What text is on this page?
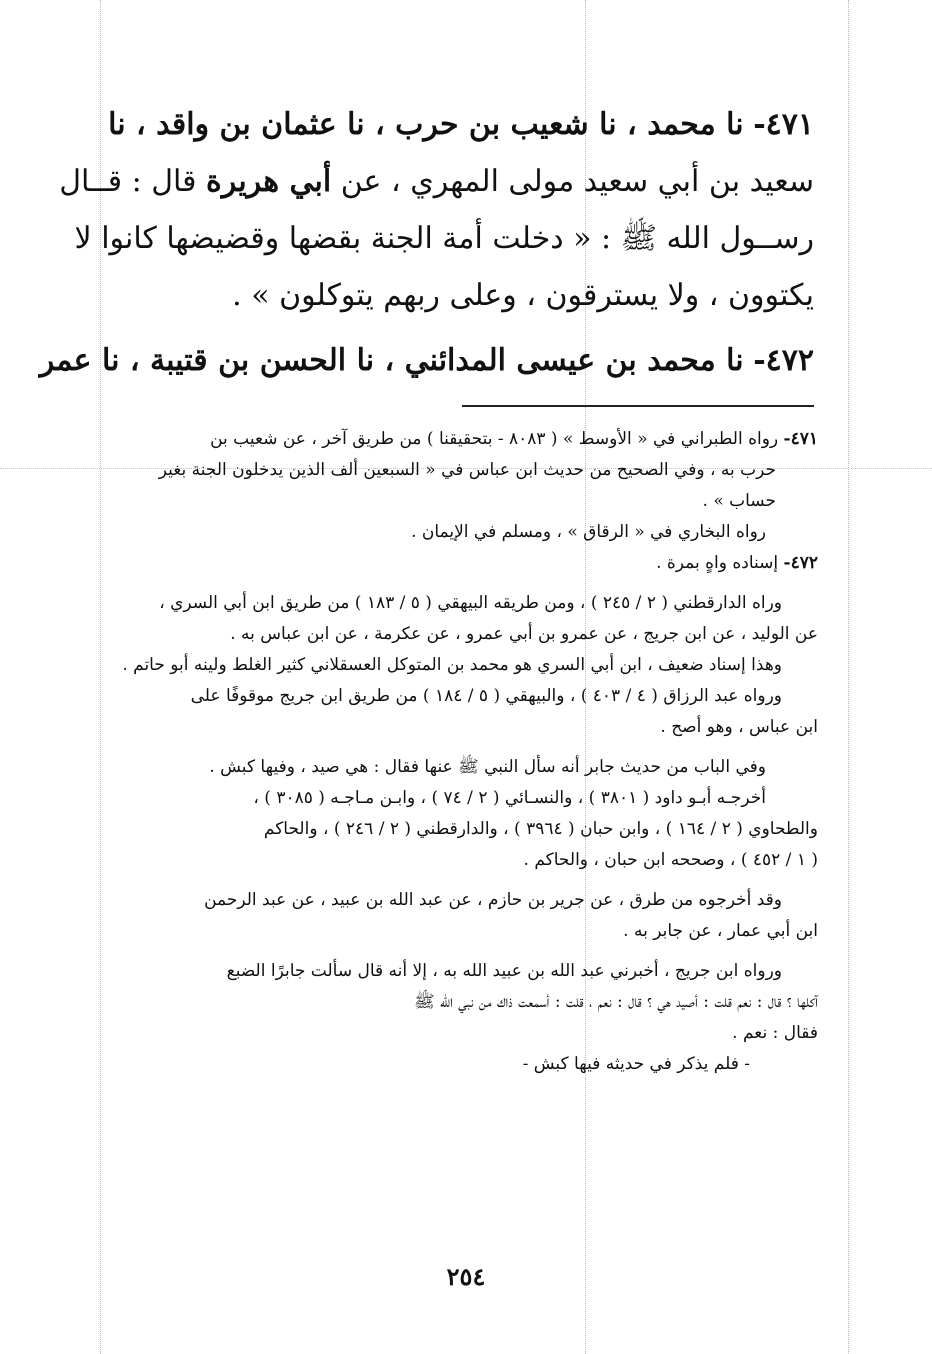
٤٧١- نا محمد ، نا شعيب بن حرب ، نا عثمان بن واقد ، نا

سعيد بن أبي سعيد مولى المهري ، عن أبي هريرة قال : قــال

رســول الله ﷺ : « دخلت أمة الجنة بقضها وقضيضها كانوا لا

يكتوون ، ولا يسترقون ، وعلى ربهم يتوكلون » .

٤٧٢- نا محمد بن عيسى المدائني ، نا الحسن بن قتيبة ، نا عمر

٤٧١- رواه الطبراني في « الأوسط » ( ٨٠٨٣ - بتحقيقنا ) من طريق آخر ، عن شعيب بن
حرب به ، وفي الصحيح من حديث ابن عباس في « السبعين ألف الذين يدخلون الجنة بغير
حساب » .
رواه البخاري في « الرقاق » ، ومسلم في الإيمان .
٤٧٢- إسناده واهٍ بمرة .
وراه الدارقطني ( ٢ / ٢٤٥ ) ، ومن طريقه البيهقي ( ٥ / ١٨٣ ) من طريق ابن أبي السري ،
عن الوليد ، عن ابن جريج ، عن عمرو بن أبي عمرو ، عن عكرمة ، عن ابن عباس به .
وهذا إسناد ضعيف ، ابن أبي السري هو محمد بن المتوكل العسقلاني كثير الغلط ولينه أبو حاتم .
ورواه عبد الرزاق ( ٤ / ٤٠٣ ) ، والبيهقي ( ٥ / ١٨٤ ) من طريق ابن جريج موقوفًا على
ابن عباس ، وهو أصح .
وفي الباب من حديث جابر أنه سأل النبي ﷺ عنها فقال : هي صيد ، وفيها كبش .
أخرجـه أبـو داود ( ٣٨٠١ ) ، والنسـائي ( ٢ / ٧٤ ) ، وابـن مـاجـه ( ٣٠٨٥ ) ،
والطحاوي ( ٢ / ١٦٤ ) ، وابن حبان ( ٣٩٦٤ ) ، والدارقطني ( ٢ / ٢٤٦ ) ، والحاكم
( ١ / ٤٥٢ ) ، وصححه ابن حبان ، والحاكم .
وقد أخرجوه من طرق ، عن جرير بن حازم ، عن عبد الله بن عبيد ، عن عبد الرحمن
ابن أبي عمار ، عن جابر به .
ورواه ابن جريج ، أخبرني عبد الله بن عبيد الله به ، إلا أنه قال سألت جابرًا الضبع
آكلها ؟ قال : نعم قلت : أصيد هي ؟ قال : نعم ، قلت : أسمعت ذاك من نبي الله ﷺ
فقال : نعم .
- فلم يذكر في حديثه فيها كبش -
٢٥٤
